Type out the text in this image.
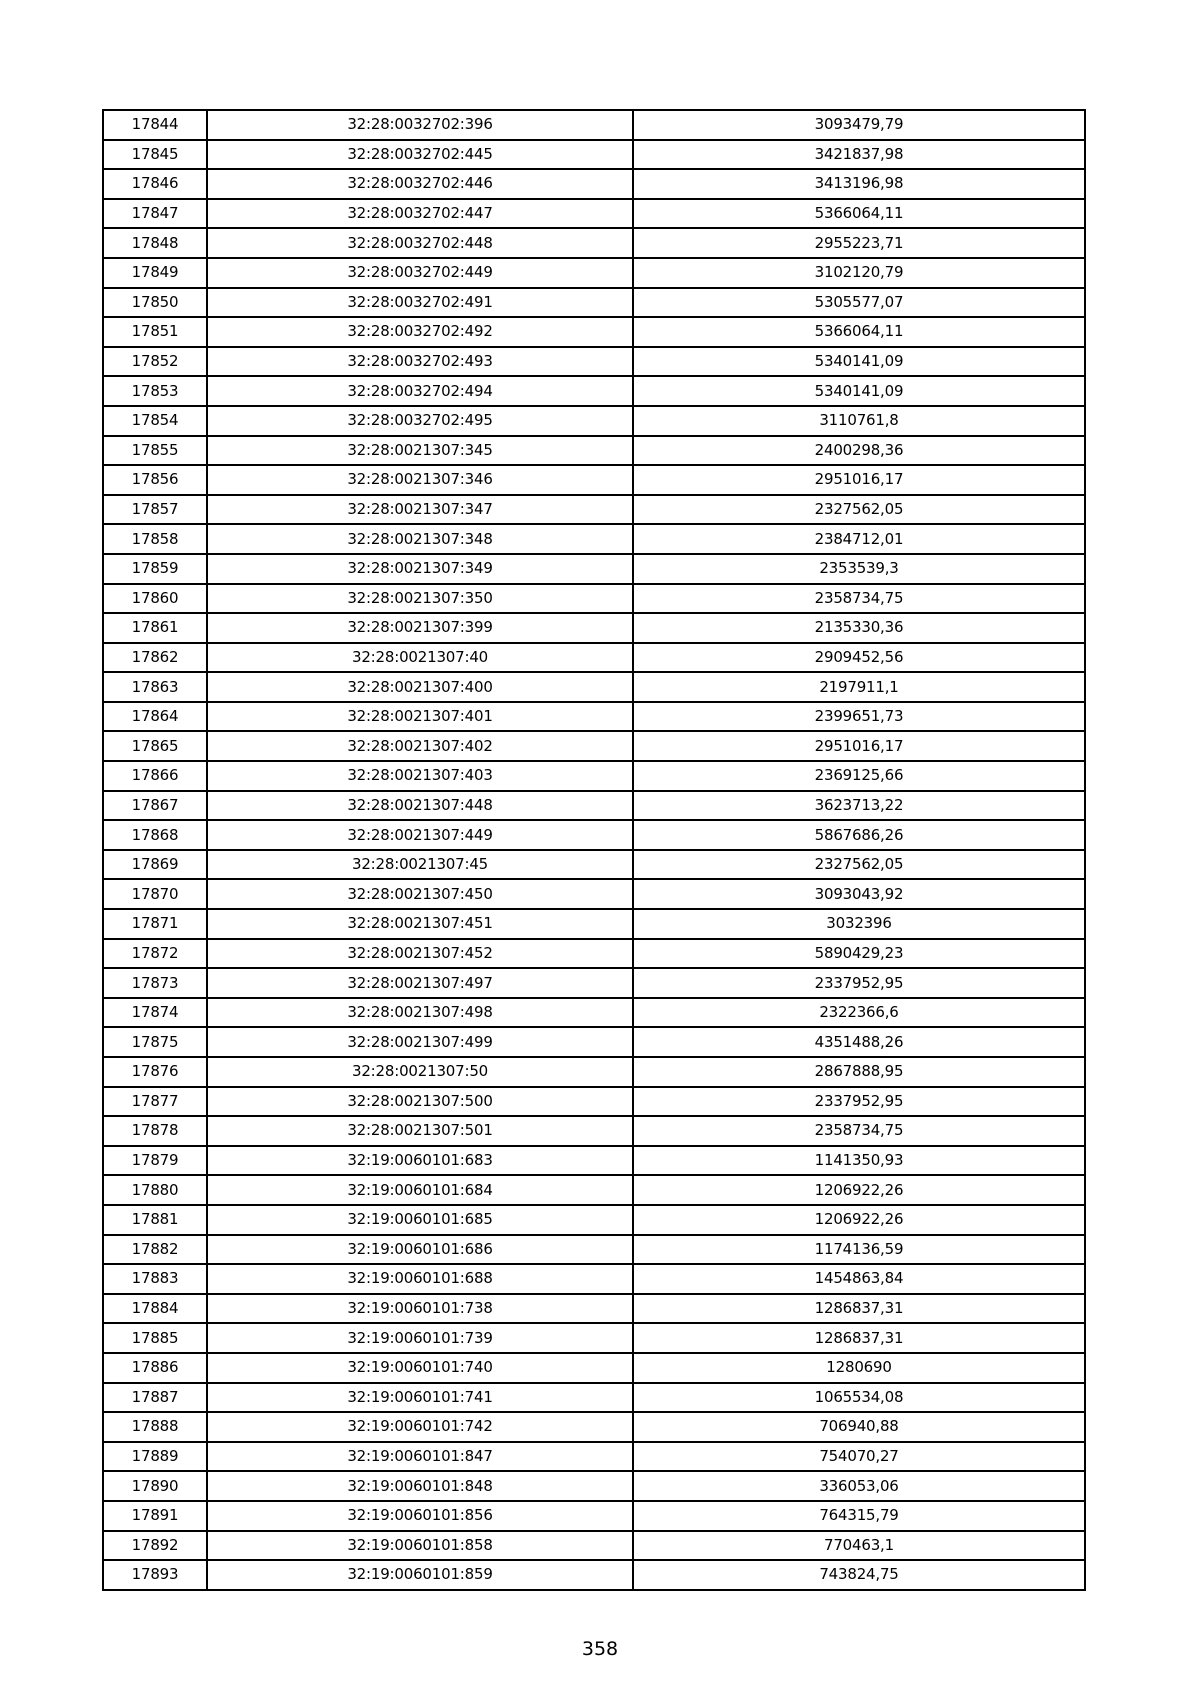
17844	32:28:0032702:396	3093479,79
17845	32:28:0032702:445	3421837,98
17846	32:28:0032702:446	3413196,98
17847	32:28:0032702:447	5366064,11
17848	32:28:0032702:448	2955223,71
17849	32:28:0032702:449	3102120,79
17850	32:28:0032702:491	5305577,07
17851	32:28:0032702:492	5366064,11
17852	32:28:0032702:493	5340141,09
17853	32:28:0032702:494	5340141,09
17854	32:28:0032702:495	3110761,8
17855	32:28:0021307:345	2400298,36
17856	32:28:0021307:346	2951016,17
17857	32:28:0021307:347	2327562,05
17858	32:28:0021307:348	2384712,01
17859	32:28:0021307:349	2353539,3
17860	32:28:0021307:350	2358734,75
17861	32:28:0021307:399	2135330,36
17862	32:28:0021307:40	2909452,56
17863	32:28:0021307:400	2197911,1
17864	32:28:0021307:401	2399651,73
17865	32:28:0021307:402	2951016,17
17866	32:28:0021307:403	2369125,66
17867	32:28:0021307:448	3623713,22
17868	32:28:0021307:449	5867686,26
17869	32:28:0021307:45	2327562,05
17870	32:28:0021307:450	3093043,92
17871	32:28:0021307:451	3032396
17872	32:28:0021307:452	5890429,23
17873	32:28:0021307:497	2337952,95
17874	32:28:0021307:498	2322366,6
17875	32:28:0021307:499	4351488,26
17876	32:28:0021307:50	2867888,95
17877	32:28:0021307:500	2337952,95
17878	32:28:0021307:501	2358734,75
17879	32:19:0060101:683	1141350,93
17880	32:19:0060101:684	1206922,26
17881	32:19:0060101:685	1206922,26
17882	32:19:0060101:686	1174136,59
17883	32:19:0060101:688	1454863,84
17884	32:19:0060101:738	1286837,31
17885	32:19:0060101:739	1286837,31
17886	32:19:0060101:740	1280690
17887	32:19:0060101:741	1065534,08
17888	32:19:0060101:742	706940,88
17889	32:19:0060101:847	754070,27
17890	32:19:0060101:848	336053,06
17891	32:19:0060101:856	764315,79
17892	32:19:0060101:858	770463,1
17893	32:19:0060101:859	743824,75
358
